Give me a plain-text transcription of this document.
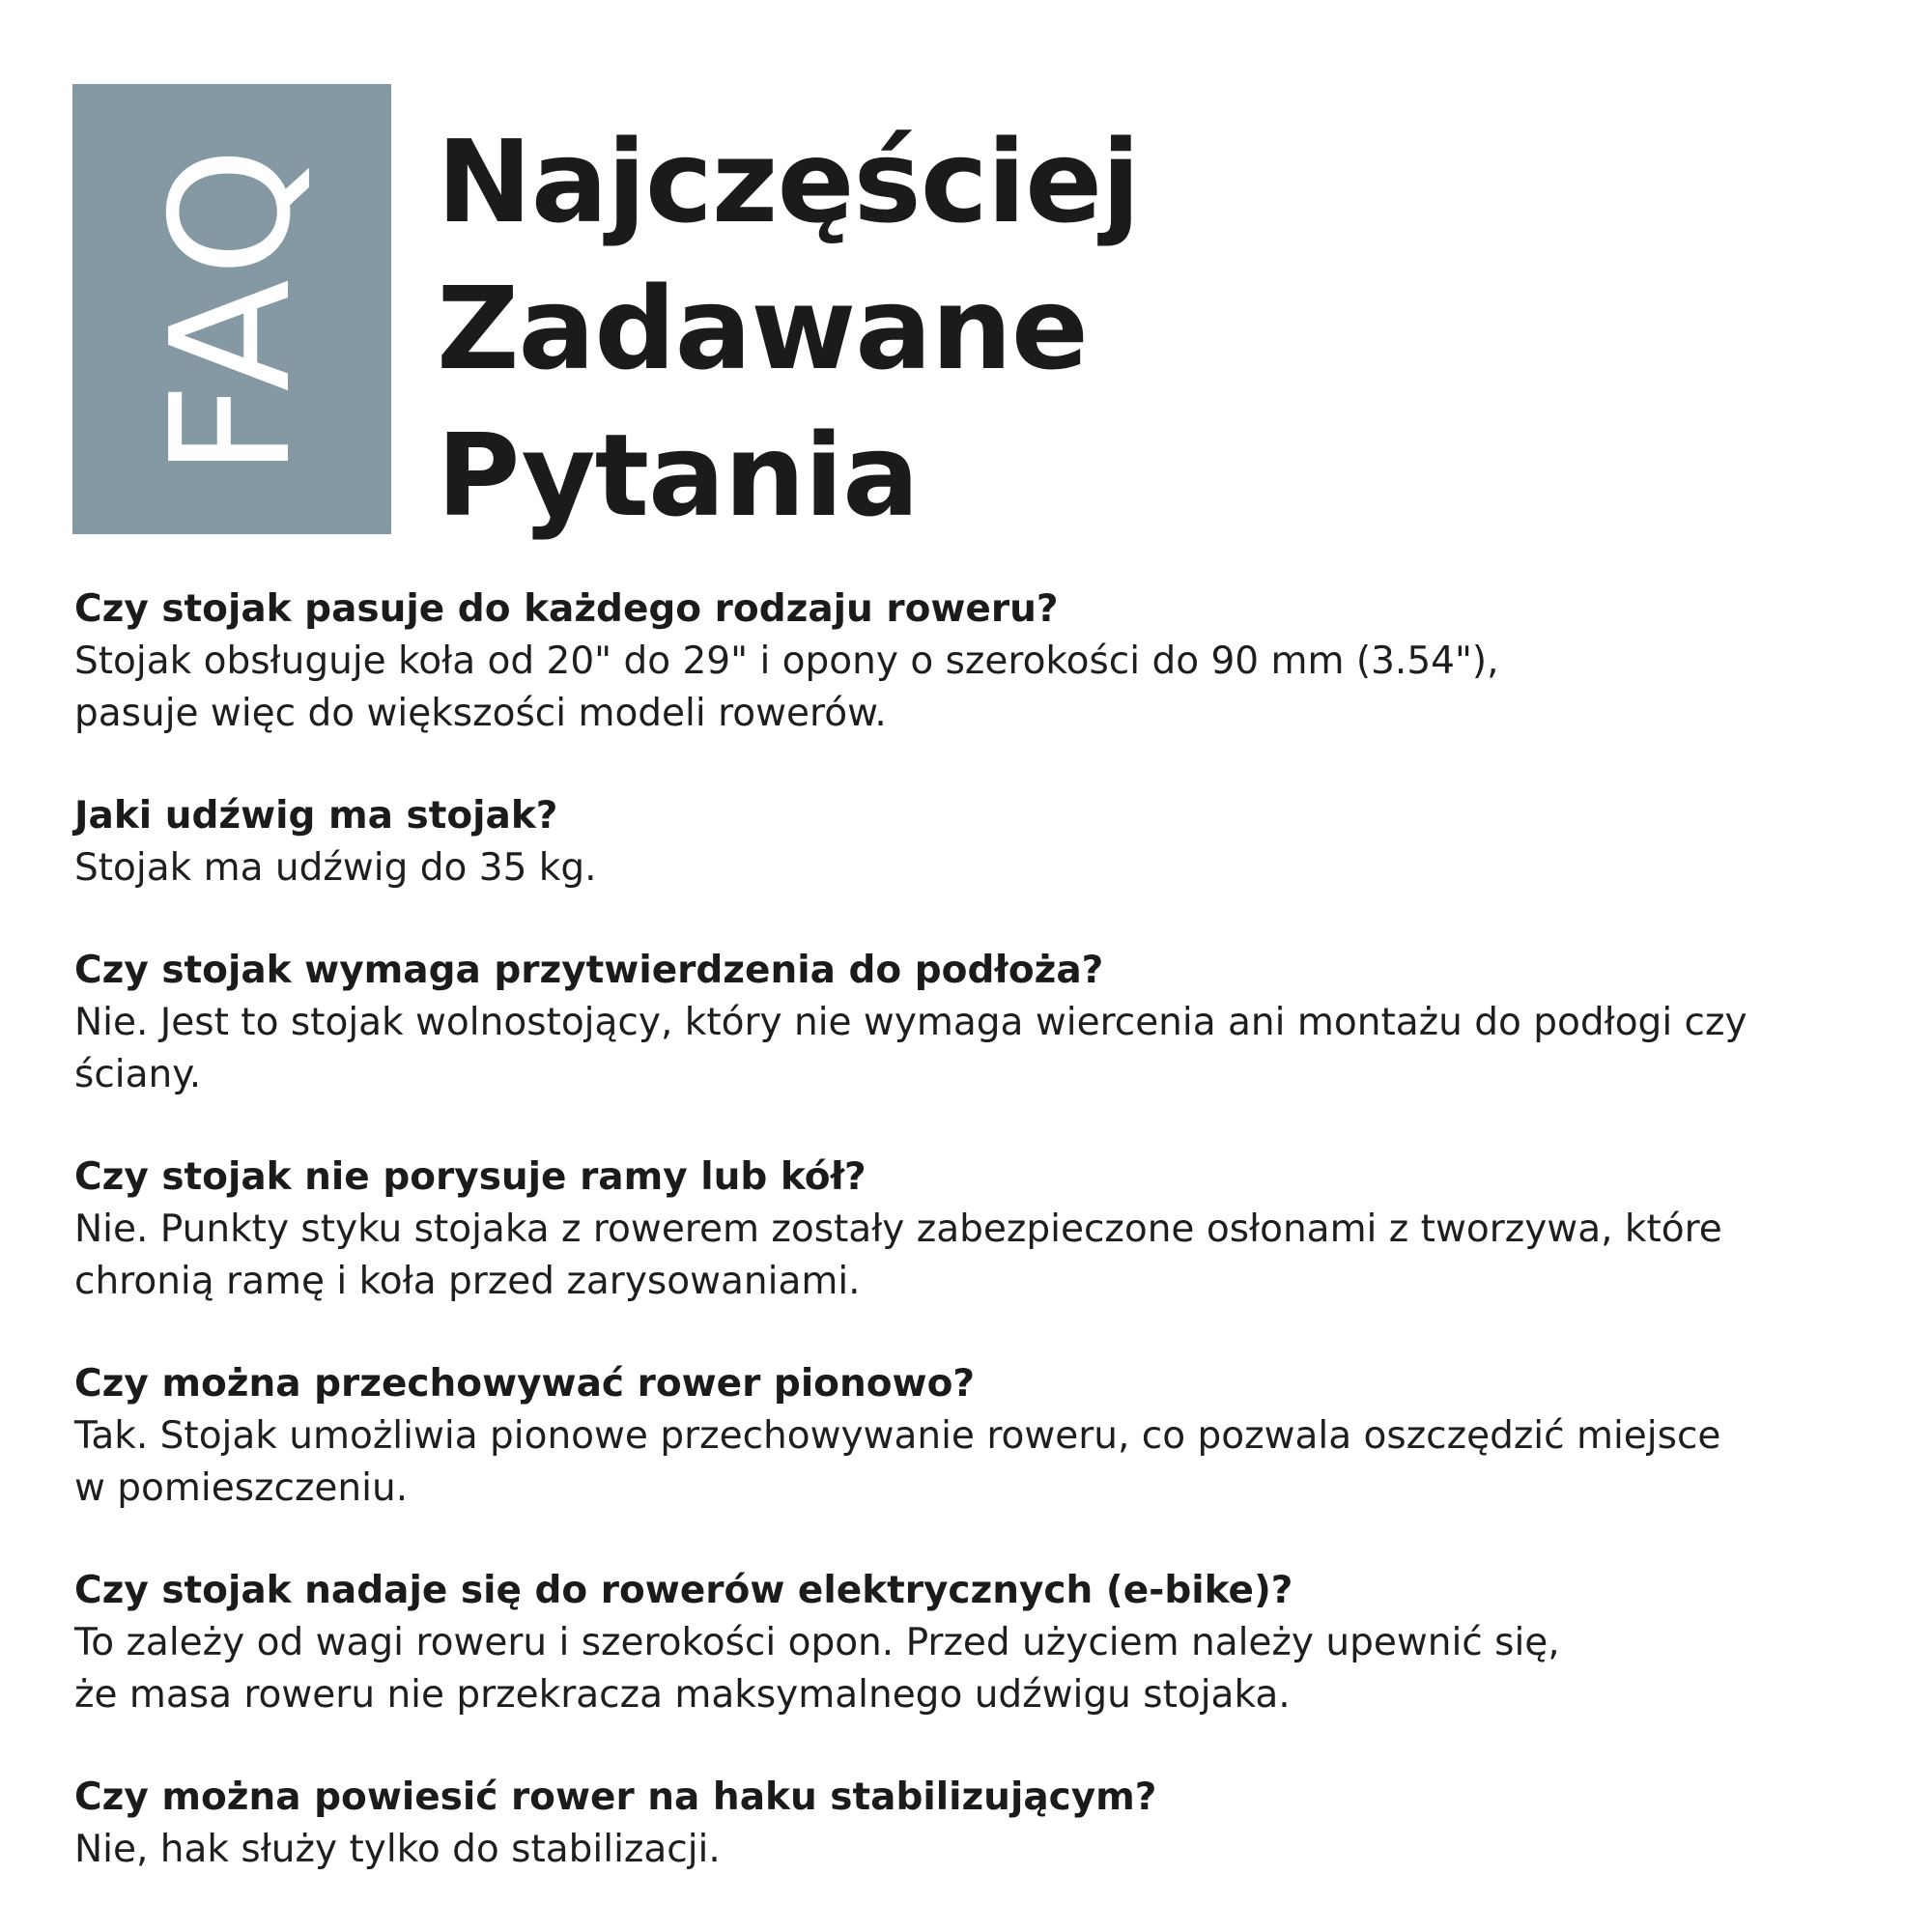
FAQ Najczęściej
Zadawane
Pytania

Czy stojak pasuje do każdego rodzaju roweru?

Stojak obsługuje koła od 20" do 29" i opony o szerokości do 90 mm (3.54"),
pasuje więc do większości modeli rowerów.

Jaki udźwig ma stojak?

Stojak ma udźwig do 35 kg.

Czy stojak wymaga przytwierdzenia do podłoża?

Nie. Jest to stojak wolnostojący, który nie wymaga wiercenia ani montażu do podłogi czy
ściany.

Czy stojak nie porysuje ramy lub kół?

Nie. Punkty styku stojaka z rowerem zostały zabezpieczone osłonami z tworzywa, które
chronią ramę i koła przed zarysowaniami.

Czy można przechowywać rower pionowo?

Tak. Stojak umożliwia pionowe przechowywanie roweru, co pozwala oszczędzić miejsce
w pomieszczeniu.

Czy stojak nadaje się do rowerów elektrycznych (e-bike)?

To zależy od wagi roweru i szerokości opon. Przed użyciem należy upewnić się,
że masa roweru nie przekracza maksymalnego udźwigu stojaka.

Czy można powiesić rower na haku stabilizującym?

Nie, hak służy tylko do stabilizacji.
